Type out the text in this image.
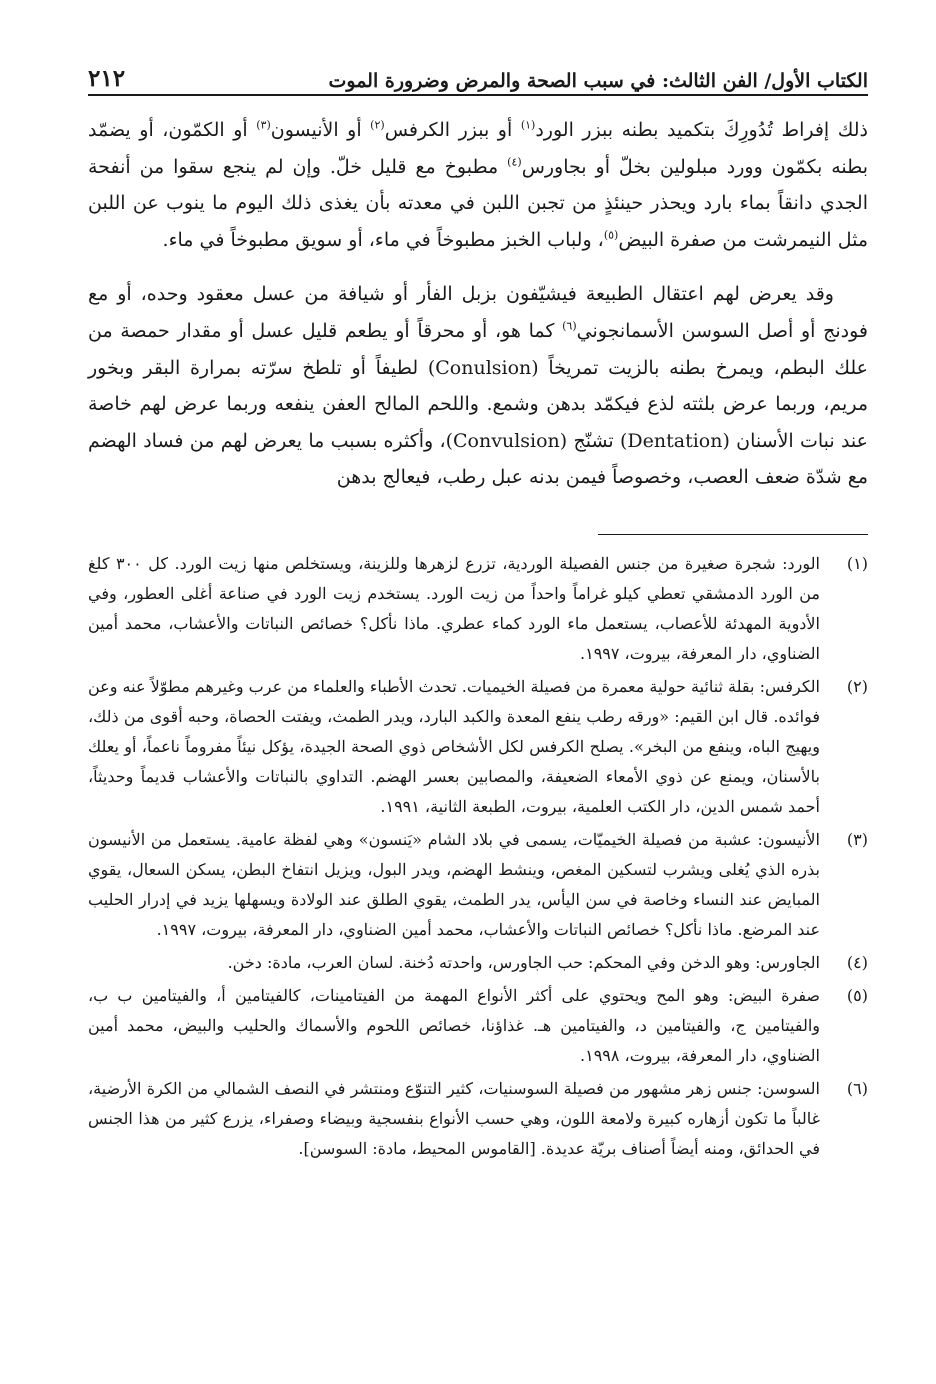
الكتاب الأول/ الفن الثالث: في سبب الصحة والمرض وضرورة الموت
٢١٢

ذلك إفراط تُدُورِكَ بتكميد بطنه ببزر الورد$^{(١)}$ أو ببزر الكرفس$^{(٢)}$ أو الأنيسون$^{(٣)}$ أو الكمّون، أو يضمّد بطنه بكمّون وورد مبلولين بخلّ أو بجاورس$^{(٤)}$ مطبوخ مع قليل خلّ. وإن لم ينجع سقوا من أنفحة الجدي دانقاً بماء بارد ويحذر حينئذٍ من تجبن اللبن في معدته بأن يغذى ذلك اليوم ما ينوب عن اللبن مثل النيمرشت من صفرة البيض$^{(٥)}$، ولباب الخبز مطبوخاً في ماء، أو سويق مطبوخاً في ماء.

وقد يعرض لهم اعتقال الطبيعة فيشيّفون بزبل الفأر أو شيافة من عسل معقود وحده، أو مع فودنج أو أصل السوسن الأسمانجوني$^{(٦)}$ كما هو، أو محرقاً أو يطعم قليل عسل أو مقدار حمصة من علك البطم، ويمرخ بطنه بالزيت تمريخاً (Conulsion) لطيفاً أو تلطخ سرّته بمرارة البقر وبخور مريم، وربما عرض بلثته لذع فيكمّد بدهن وشمع. واللحم المالح العفن ينفعه وربما عرض لهم خاصة عند نبات الأسنان (Dentation) تشنّج (Convulsion)، وأكثره بسبب ما يعرض لهم من فساد الهضم مع شدّة ضعف العصب، وخصوصاً فيمن بدنه عبل رطب، فيعالج بدهن

(١)
الورد: شجرة صغيرة من جنس الفصيلة الوردية، تزرع لزهرها وللزينة، ويستخلص منها زيت الورد. كل ٣٠٠ كلغ من الورد الدمشقي تعطي كيلو غراماً واحداً من زيت الورد. يستخدم زيت الورد في صناعة أغلى العطور، وفي الأدوية المهدئة للأعصاب، يستعمل ماء الورد كماء عطري. ماذا نأكل؟ خصائص النباتات والأعشاب، محمد أمين الضناوي، دار المعرفة، بيروت، ١٩٩٧.
(٢)
الكرفس: بقلة ثنائية حولية معمرة من فصيلة الخيميات. تحدث الأطباء والعلماء من عرب وغيرهم مطوّلاً عنه وعن فوائده. قال ابن القيم: «ورقه رطب ينفع المعدة والكبد البارد، ويدر الطمث، ويفتت الحصاة، وحبه أقوى من ذلك، ويهيج الباه، وينفع من البخر». يصلح الكرفس لكل الأشخاص ذوي الصحة الجيدة، يؤكل نيئاً مفروماً ناعماً، أو يعلك بالأسنان، ويمنع عن ذوي الأمعاء الضعيفة، والمصابين بعسر الهضم. التداوي بالنباتات والأعشاب قديماً وحديثاً، أحمد شمس الدين، دار الكتب العلمية، بيروت، الطبعة الثانية، ١٩٩١.
(٣)
الأنيسون: عشبة من فصيلة الخيميّات، يسمى في بلاد الشام «يَنسون» وهي لفظة عامية. يستعمل من الأنيسون بذره الذي يُغلى ويشرب لتسكين المغص، وينشط الهضم، ويدر البول، ويزيل انتفاخ البطن، يسكن السعال، يقوي المبايض عند النساء وخاصة في سن اليأس، يدر الطمث، يقوي الطلق عند الولادة ويسهلها يزيد في إدرار الحليب عند المرضع. ماذا نأكل؟ خصائص النباتات والأعشاب، محمد أمين الضناوي، دار المعرفة، بيروت، ١٩٩٧.
(٤)
الجاورس: وهو الدخن وفي المحكم: حب الجاورس، واحدته دُخنة. لسان العرب، مادة: دخن.
(٥)
صفرة البيض: وهو المح ويحتوي على أكثر الأنواع المهمة من الفيتامينات، كالفيتامين أ، والفيتامين ب ب، والفيتامين ج، والفيتامين د، والفيتامين هـ. غذاؤنا، خصائص اللحوم والأسماك والحليب والبيض، محمد أمين الضناوي، دار المعرفة، بيروت، ١٩٩٨.
(٦)
السوسن: جنس زهر مشهور من فصيلة السوسنيات، كثير التنوّع ومنتشر في النصف الشمالي من الكرة الأرضية، غالباً ما تكون أزهاره كبيرة ولامعة اللون، وهي حسب الأنواع بنفسجية وبيضاء وصفراء، يزرع كثير من هذا الجنس في الحدائق، ومنه أيضاً أصناف بريّة عديدة. [القاموس المحيط، مادة: السوسن].
